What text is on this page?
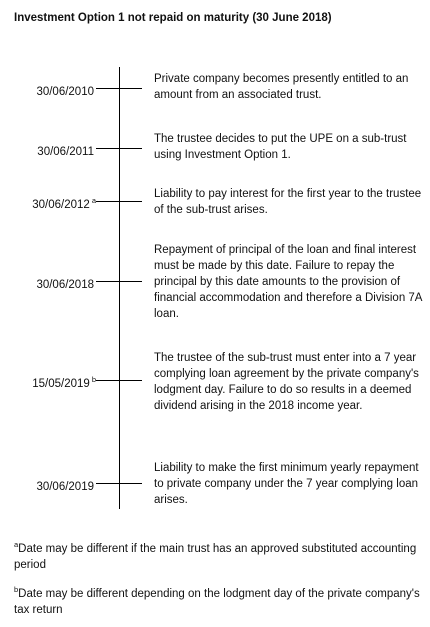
Investment Option 1 not repaid on maturity (30 June 2018)
30/06/2010
Private company becomes presently entitled to an amount from an associated trust.
30/06/2011
The trustee decides to put the UPE on a sub-trust using Investment Option 1.
30/06/2012 $^a$
Liability to pay interest for the first year to the trustee of the sub-trust arises.
30/06/2018
Repayment of principal of the loan and final interest must be made by this date. Failure to repay the principal by this date amounts to the provision of financial accommodation and therefore a Division 7A loan.
15/05/2019 $^b$
The trustee of the sub-trust must enter into a 7 year complying loan agreement by the private company's lodgment day. Failure to do so results in a deemed dividend arising in the 2018 income year.
30/06/2019
Liability to make the first minimum yearly repayment to private company under the 7 year complying loan arises.
$^a$Date may be different if the main trust has an approved substituted accounting period
$^b$Date may be different depending on the lodgment day of the private company's tax return
